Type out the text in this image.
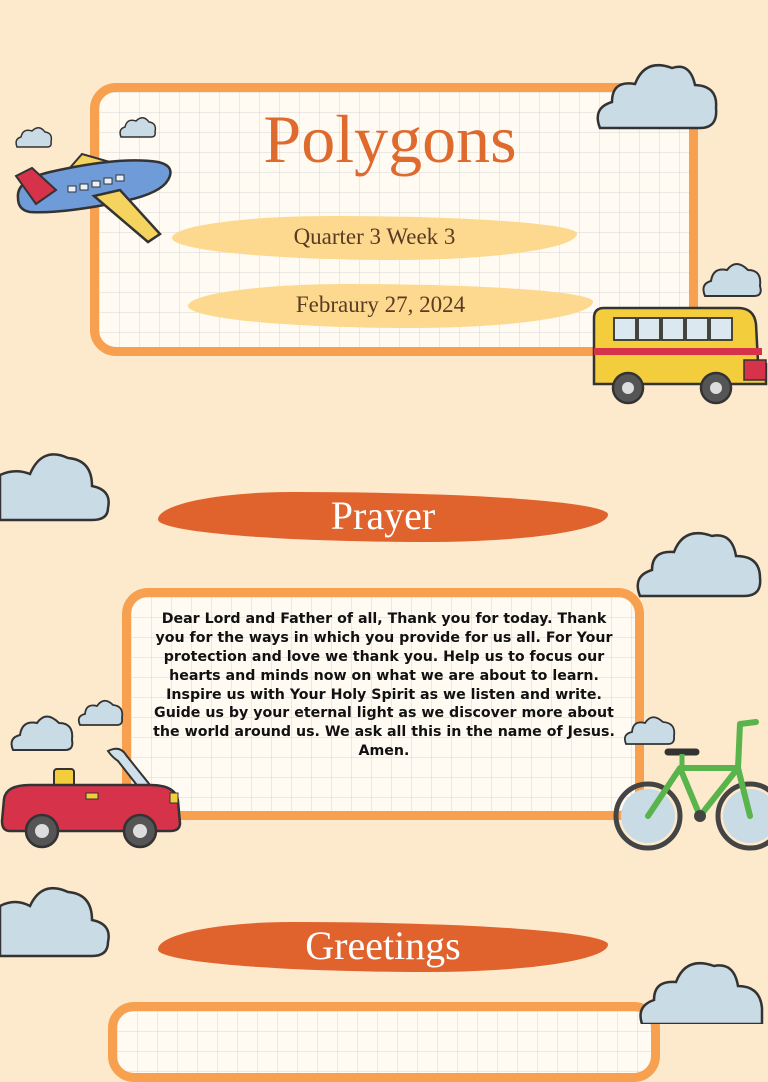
Polygons
Quarter 3 Week 3
Febraury 27, 2024
Prayer
Dear Lord and Father of all, Thank you for today. Thank you for the ways in which you provide for us all. For Your protection and love we thank you. Help us to focus our hearts and minds now on what we are about to learn. Inspire us with Your Holy Spirit as we listen and write. Guide us by your eternal light as we discover more about the world around us. We ask all this in the name of Jesus. Amen.
Greetings
